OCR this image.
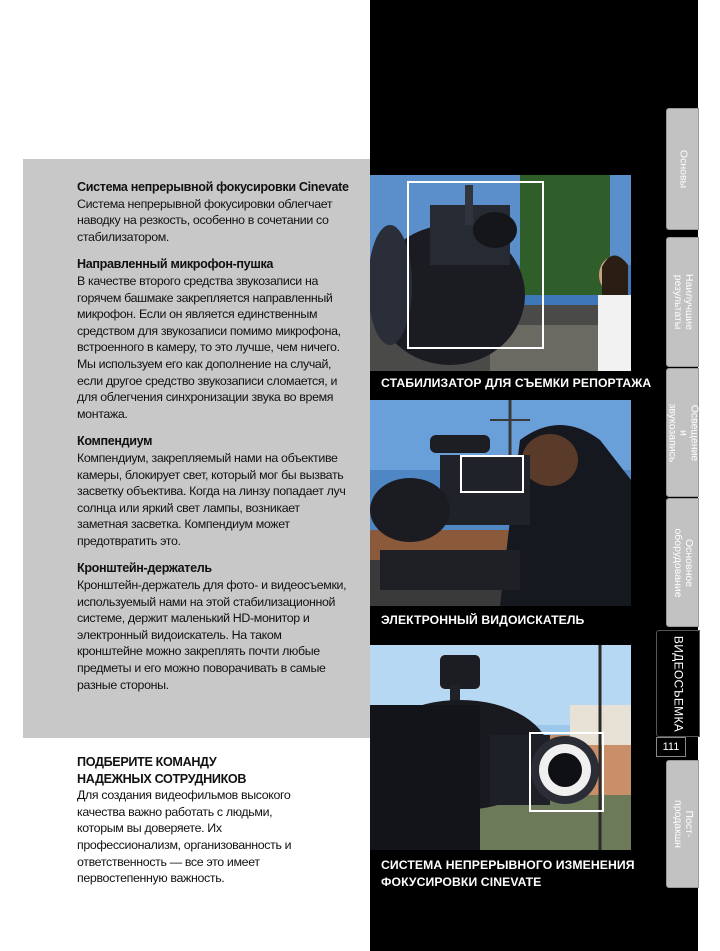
Система непрерывной фокусировки Cinevate

Система непрерывной фокусировки облегчает наводку на резкость, особенно в сочетании со стабилизатором.

Направленный микрофон-пушка

В качестве второго средства звукозаписи на горячем башмаке закрепляется направленный микрофон. Если он является единственным средством для звукозаписи помимо микрофона, встроенного в камеру, то это лучше, чем ничего. Мы используем его как дополнение на случай, если другое средство звукозаписи сломается, и для облегчения синхронизации звука во время монтажа.

Компендиум

Компендиум, закрепляемый нами на объективе камеры, блокирует свет, который мог бы вызвать засветку объектива. Когда на линзу попадает луч солнца или яркий свет лампы, возникает заметная засветка. Компендиум может предотвратить это.

Кронштейн-держатель

Кронштейн-держатель для фото- и видеосъемки, используемый нами на этой стабилизационной системе, держит маленький HD-монитор и электронный видоискатель. На таком кронштейне можно закреплять почти любые предметы и его можно поворачивать в самые разные стороны.

ПОДБЕРИТЕ КОМАНДУ
НАДЕЖНЫХ СОТРУДНИКОВ

Для создания видеофильмов высокого качества важно работать с людьми, которым вы доверяете. Их профессионализм, организованность и ответственность — все это имеет первостепенную важность.

СТАБИЛИЗАТОР ДЛЯ СЪЕМКИ РЕПОРТАЖА
ЭЛЕКТРОННЫЙ ВИДОИСКАТЕЛЬ
СИСТЕМА НЕПРЕРЫВНОГО ИЗМЕНЕНИЯ
ФОКУСИРОВКИ CINEVATE
Основы
Наилучшие
результаты
Освещение
и звукозапись
Основное
оборудование
ВИДЕОСЪЕМКА
111
Пост-продакшн
